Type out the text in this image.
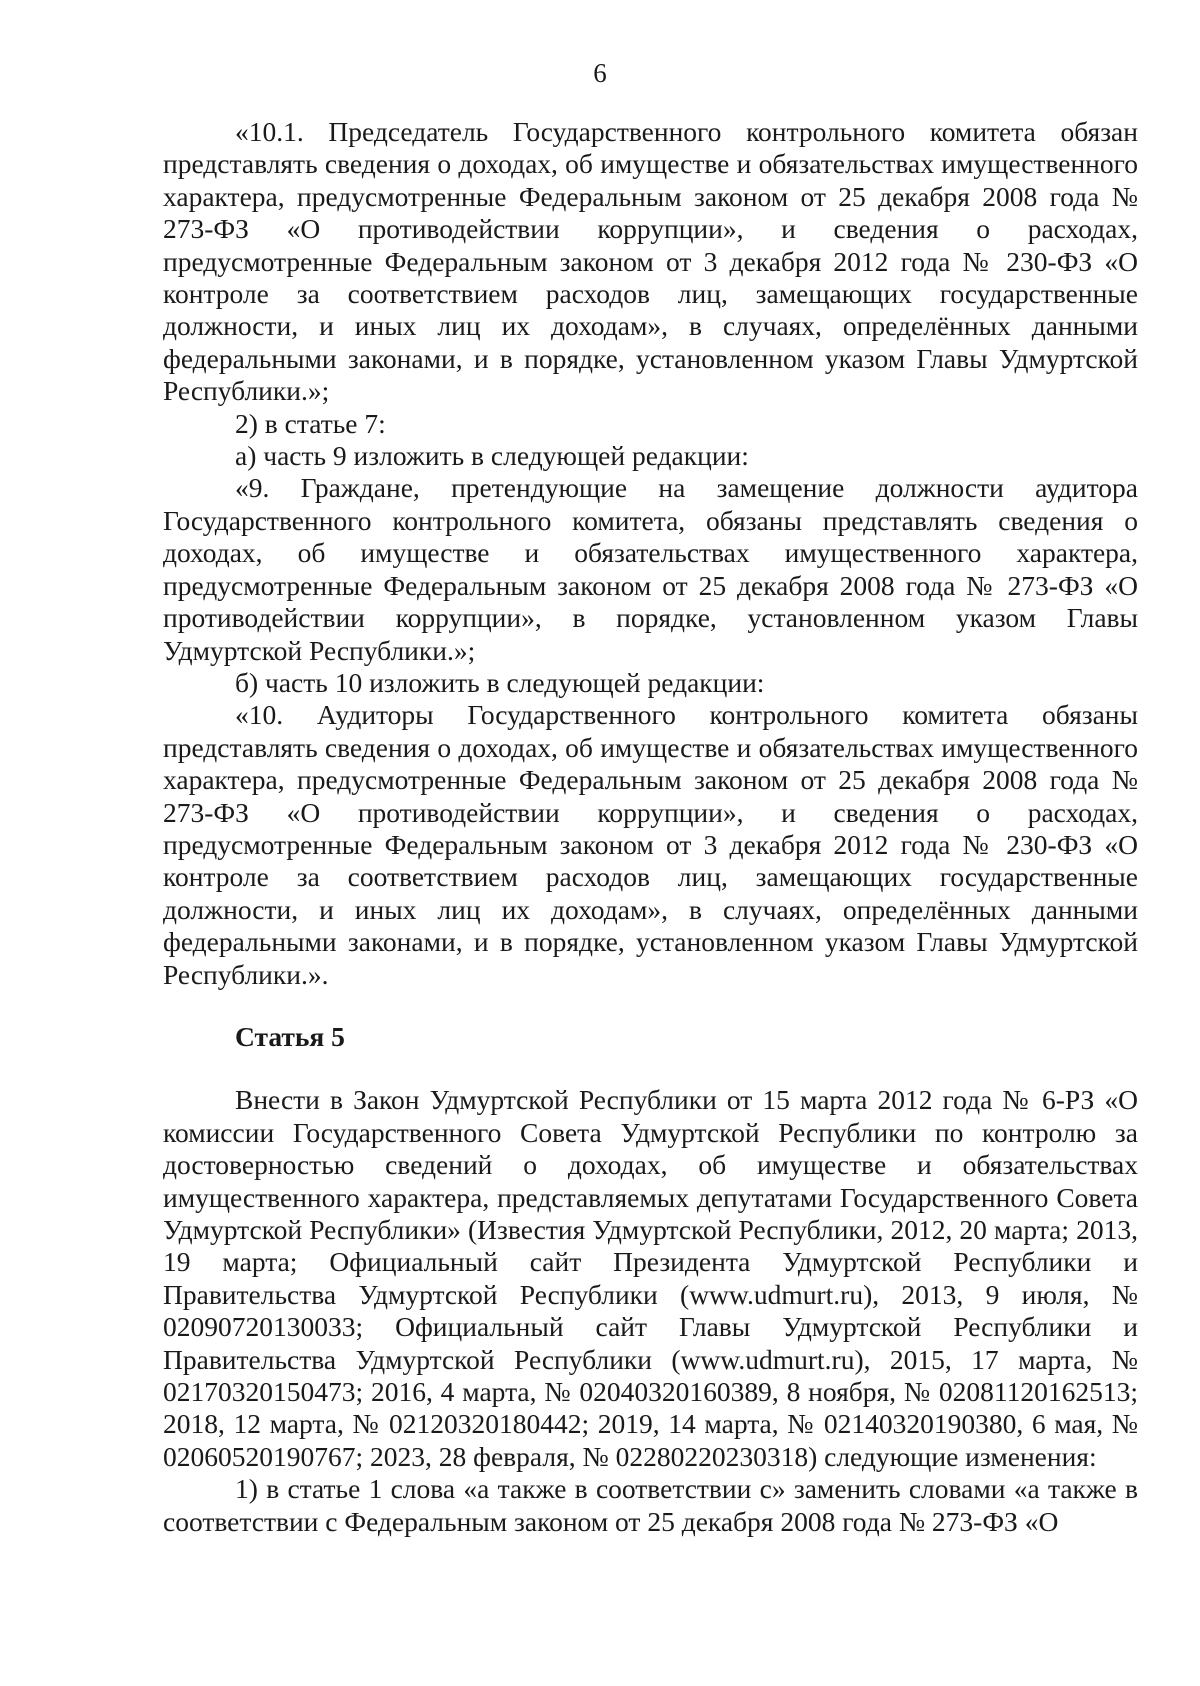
6

«10.1. Председатель Государственного контрольного комитета обязан представлять сведения о доходах, об имуществе и обязательствах имущественного характера, предусмотренные Федеральным законом от 25 декабря 2008 года № 273-ФЗ «О противодействии коррупции», и сведения о расходах, предусмотренные Федеральным законом от 3 декабря 2012 года № 230-ФЗ «О контроле за соответствием расходов лиц, замещающих государственные должности, и иных лиц их доходам», в случаях, определённых данными федеральными законами, и в порядке, установленном указом Главы Удмуртской Республики.»;

2) в статье 7:

а) часть 9 изложить в следующей редакции:

«9. Граждане, претендующие на замещение должности аудитора Государственного контрольного комитета, обязаны представлять сведения о доходах, об имуществе и обязательствах имущественного характера, предусмотренные Федеральным законом от 25 декабря 2008 года № 273-ФЗ «О противодействии коррупции», в порядке, установленном указом Главы Удмуртской Республики.»;

б) часть 10 изложить в следующей редакции:

«10. Аудиторы Государственного контрольного комитета обязаны представлять сведения о доходах, об имуществе и обязательствах имущественного характера, предусмотренные Федеральным законом от 25 декабря 2008 года № 273-ФЗ «О противодействии коррупции», и сведения о расходах, предусмотренные Федеральным законом от 3 декабря 2012 года № 230-ФЗ «О контроле за соответствием расходов лиц, замещающих государственные должности, и иных лиц их доходам», в случаях, определённых данными федеральными законами, и в порядке, установленном указом Главы Удмуртской Республики.».

Статья 5

Внести в Закон Удмуртской Республики от 15 марта 2012 года № 6-РЗ «О комиссии Государственного Совета Удмуртской Республики по контролю за достоверностью сведений о доходах, об имуществе и обязательствах имущественного характера, представляемых депутатами Государственного Совета Удмуртской Республики» (Известия Удмуртской Республики, 2012, 20 марта; 2013, 19 марта; Официальный сайт Президента Удмуртской Республики и Правительства Удмуртской Республики (www.udmurt.ru), 2013, 9 июля, № 02090720130033; Официальный сайт Главы Удмуртской Республики и Правительства Удмуртской Республики (www.udmurt.ru), 2015, 17 марта, № 02170320150473; 2016, 4 марта, № 02040320160389, 8 ноября, № 02081120162513; 2018, 12 марта, № 02120320180442; 2019, 14 марта, № 02140320190380, 6 мая, № 02060520190767; 2023, 28 февраля, № 02280220230318) следующие изменения:

1) в статье 1 слова «а также в соответствии с» заменить словами «а также в соответствии с Федеральным законом от 25 декабря 2008 года № 273-ФЗ «О
